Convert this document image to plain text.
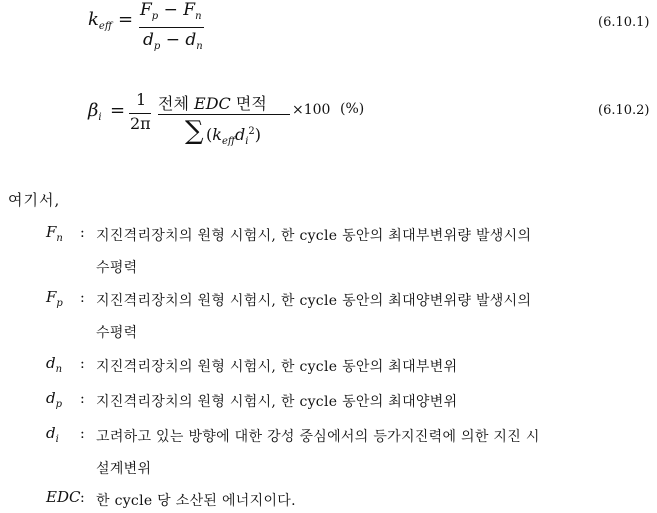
$k_{eff} = F_p - F_n$
$d_p - d_n$
(6.10.1)
$\beta_i$ =
1
2π
전체 EDC 면적
∑ $(k_{eff}d_i^2)$
×100 (%)	(6.10.2)
여기서,
$F_n$ : 지진격리장치의 원형 시험시, 한 cycle 동안의 최대부변위량 발생시의
수평력
$F_p$ : 지진격리장치의 원형 시험시, 한 cycle 동안의 최대양변위량 발생시의
수평력
$d_n$ : 지진격리장치의 원형 시험시, 한 cycle 동안의 최대부변위
$d_p$ : 지진격리장치의 원형 시험시, 한 cycle 동안의 최대양변위
$d_i$ : 고려하고 있는 방향에 대한 강성 중심에서의 등가지진력에 의한 지진 시
설계변위
EDC : 한 cycle 당 소산된 에너지이다.
